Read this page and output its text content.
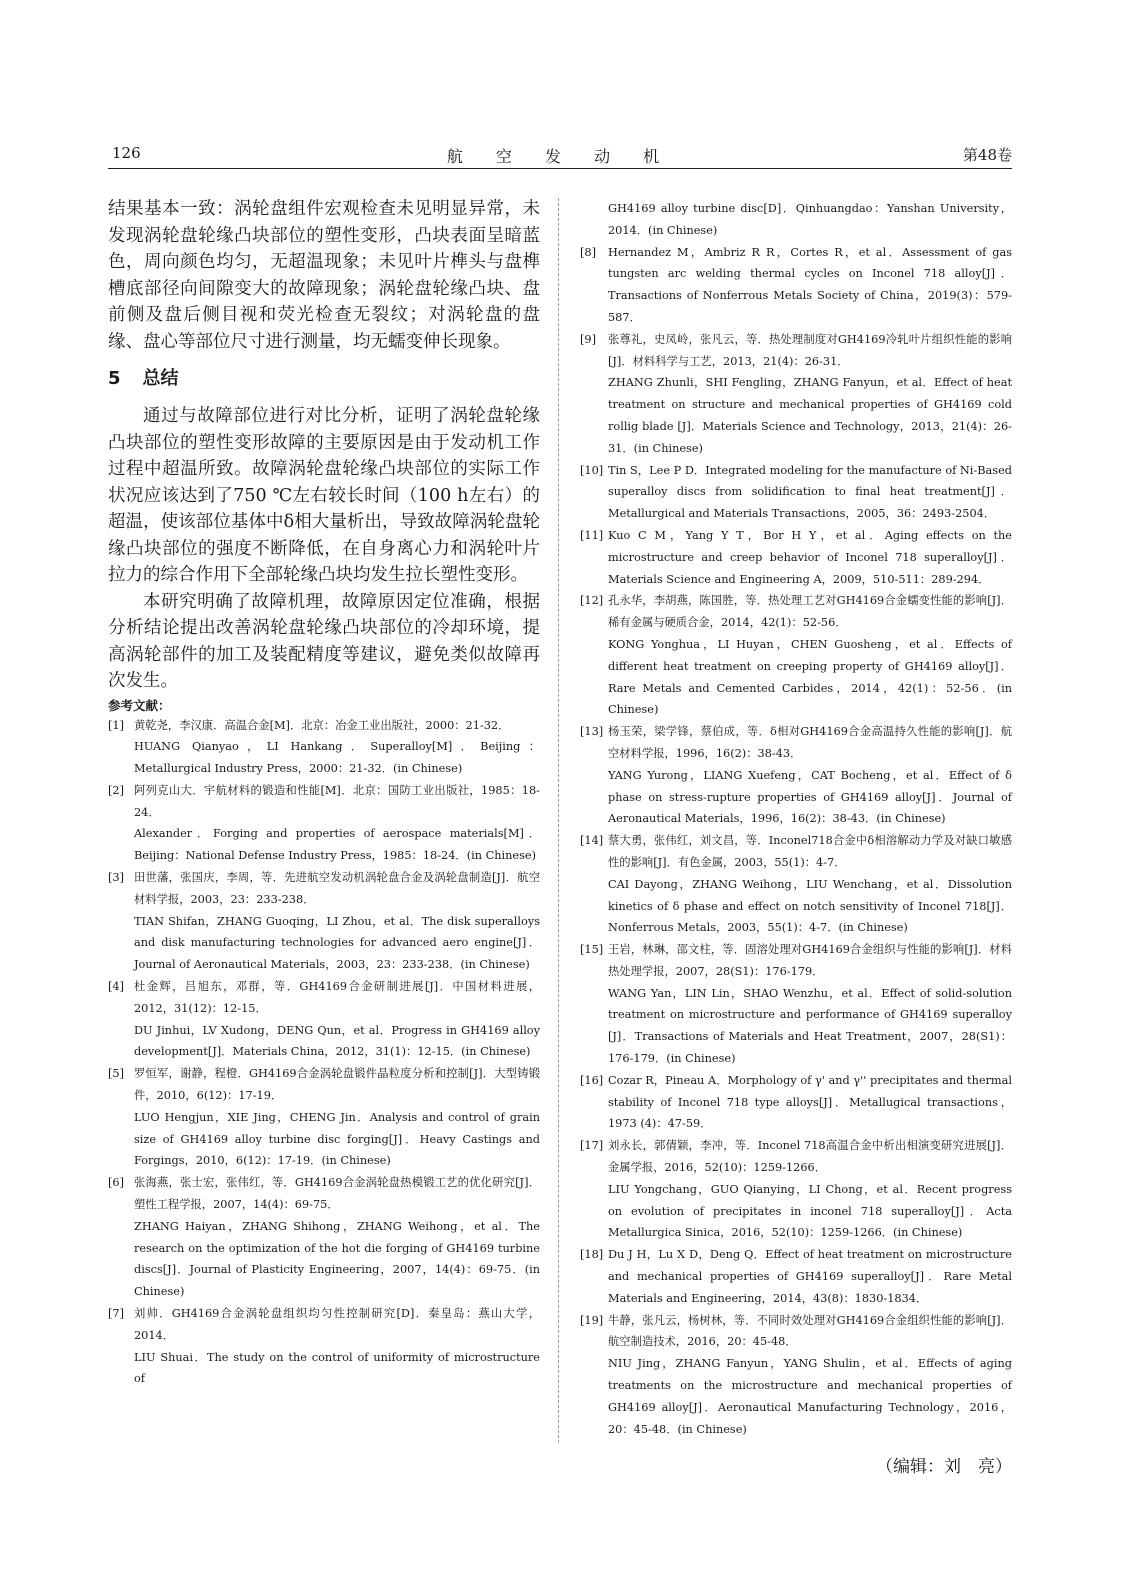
126	航 空 发 动 机	第48卷

结果基本一致：涡轮盘组件宏观检查未见明显异常，未发现涡轮盘轮缘凸块部位的塑性变形，凸块表面呈暗蓝色，周向颜色均匀，无超温现象；未见叶片榫头与盘榫槽底部径向间隙变大的故障现象；涡轮盘轮缘凸块、盘前侧及盘后侧目视和荧光检查无裂纹；对涡轮盘的盘缘、盘心等部位尺寸进行测量，均无蠕变伸长现象。

5 总结

通过与故障部位进行对比分析，证明了涡轮盘轮缘凸块部位的塑性变形故障的主要原因是由于发动机工作过程中超温所致。故障涡轮盘轮缘凸块部位的实际工作状况应该达到了750 ℃左右较长时间（100 h左右）的超温，使该部位基体中δ相大量析出，导致故障涡轮盘轮缘凸块部位的强度不断降低，在自身离心力和涡轮叶片拉力的综合作用下全部轮缘凸块均发生拉长塑性变形。

本研究明确了故障机理，故障原因定位准确，根据分析结论提出改善涡轮盘轮缘凸块部位的冷却环境，提高涡轮部件的加工及装配精度等建议，避免类似故障再次发生。

参考文献：
[1] 黄乾尧，李汉康．高温合金[M]．北京：冶金工业出版社，2000：21-32．

HUANG Qianyao，LI Hankang．Superalloy[M]．Beijing：Metallurgical Industry Press，2000：21-32．(in Chinese)

[2] 阿列克山大．宇航材料的锻造和性能[M]．北京：国防工业出版社，1985：18-24．

Alexander．Forging and properties of aerospace materials[M]．Beijing：National Defense Industry Press，1985：18-24．(in Chinese)

[3] 田世藩，张国庆，李周，等．先进航空发动机涡轮盘合金及涡轮盘制造[J]．航空材料学报，2003，23：233-238．

TIAN Shifan，ZHANG Guoqing，LI Zhou，et al．The disk superalloys and disk manufacturing technologies for advanced aero engine[J]．Journal of Aeronautical Materials，2003，23：233-238．(in Chinese)

[4] 杜金辉，吕旭东，邓群，等．GH4169合金研制进展[J]．中国材料进展，2012，31(12)：12-15．

DU Jinhui，LV Xudong，DENG Qun，et al．Progress in GH4169 alloy development[J]．Materials China，2012，31(1)：12-15．(in Chinese)

[5] 罗恒军，谢静，程橙．GH4169合金涡轮盘锻件晶粒度分析和控制[J]．大型铸锻件，2010，6(12)：17-19．

LUO Hengjun，XIE Jing，CHENG Jin．Analysis and control of grain size of GH4169 alloy turbine disc forging[J]．Heavy Castings and Forgings，2010，6(12)：17-19．(in Chinese)

[6] 张海燕，张士宏，张伟红，等．GH4169合金涡轮盘热模锻工艺的优化研究[J]．塑性工程学报，2007，14(4)：69-75．

ZHANG Haiyan，ZHANG Shihong，ZHANG Weihong，et al．The research on the optimization of the hot die forging of GH4169 turbine discs[J]．Journal of Plasticity Engineering，2007，14(4)：69-75．(in Chinese)

[7] 刘帅．GH4169合金涡轮盘组织均匀性控制研究[D]．秦皇岛：燕山大学，2014．

LIU Shuai．The study on the control of uniformity of microstructure of

GH4169 alloy turbine disc[D]．Qinhuangdao：Yanshan University，2014．(in Chinese)

[8]	Hernandez M，Ambriz R R，Cortes R，et al．Assessment of gas tungsten arc welding thermal cycles on Inconel 718 alloy[J]．Transactions of Nonferrous Metals Society of China，2019(3)：579-587．

[9]	张尊礼，史凤岭，张凡云，等．热处理制度对GH4169冷轧叶片组织性能的影响[J]．材料科学与工艺，2013，21(4)：26-31．

ZHANG Zhunli，SHI Fengling，ZHANG Fanyun，et al．Effect of heat treatment on structure and mechanical properties of GH4169 cold rollig blade [J]．Materials Science and Technology，2013，21(4)：26-31．(in Chinese)

[10] Tin S，Lee P D．Integrated modeling for the manufacture of Ni-Based superalloy discs from solidification to final heat treatment[J]．Metallurgical and Materials Transactions，2005，36：2493-2504．

[11] Kuo C M，Yang Y T，Bor H Y，et al．Aging effects on the microstructure and creep behavior of Inconel 718 superalloy[J]．Materials Science and Engineering A，2009，510-511：289-294．

[12] 孔永华，李胡燕，陈国胜，等．热处理工艺对GH4169合金蠕变性能的影响[J]．稀有金属与硬质合金，2014，42(1)：52-56．

KONG Yonghua，LI Huyan，CHEN Guosheng，et al．Effects of different heat treatment on creeping property of GH4169 alloy[J]．Rare Metals and Cemented Carbides，2014，42(1)：52-56．(in Chinese)

[13] 杨玉荣，梁学锋，蔡伯成，等．δ相对GH4169合金高温持久性能的影响[J]．航空材料学报，1996，16(2)：38-43．

YANG Yurong，LIANG Xuefeng，CAT Bocheng，et al．Effect of δ phase on stress-rupture properties of GH4169 alloy[J]．Journal of Aeronautical Materials，1996，16(2)：38-43．(in Chinese)

[14] 蔡大勇，张伟红，刘文昌，等．Inconel718合金中δ相溶解动力学及对缺口敏感性的影响[J]．有色金属，2003，55(1)：4-7．

CAI Dayong，ZHANG Weihong，LIU Wenchang，et al．Dissolution kinetics of δ phase and effect on notch sensitivity of Inconel 718[J]．Nonferrous Metals，2003，55(1)：4-7．(in Chinese)

[15] 王岩，林琳，邵文柱，等．固溶处理对GH4169合金组织与性能的影响[J]．材料热处理学报，2007，28(S1)：176-179．

WANG Yan，LIN Lin，SHAO Wenzhu，et al．Effect of solid-solution treatment on microstructure and performance of GH4169 superalloy [J]．Transactions of Materials and Heat Treatment，2007，28(S1)：176-179．(in Chinese)

[16] Cozar R，Pineau A．Morphology of γ' and γ'' precipitates and thermal stability of Inconel 718 type alloys[J]．Metallugical transactions，1973 (4)：47-59．

[17] 刘永长，郭倩颖，李冲，等．Inconel 718高温合金中析出相演变研究进展[J]．金属学报，2016，52(10)：1259-1266．

LIU Yongchang，GUO Qianying，LI Chong，et al．Recent progress on evolution of precipitates in inconel 718 superalloy[J]．Acta Metallurgica Sinica，2016，52(10)：1259-1266．(in Chinese)

[18] Du J H，Lu X D，Deng Q．Effect of heat treatment on microstructure and mechanical properties of GH4169 superalloy[J]．Rare Metal Materials and Engineering，2014，43(8)：1830-1834．

[19] 牛静，张凡云，杨树林，等．不同时效处理对GH4169合金组织性能的影响[J]．航空制造技术，2016，20：45-48．

NIU Jing，ZHANG Fanyun，YANG Shulin，et al．Effects of aging treatments on the microstructure and mechanical properties of GH4169 alloy[J]．Aeronautical Manufacturing Technology，2016，20：45-48．(in Chinese)

（编辑：刘　亮）
